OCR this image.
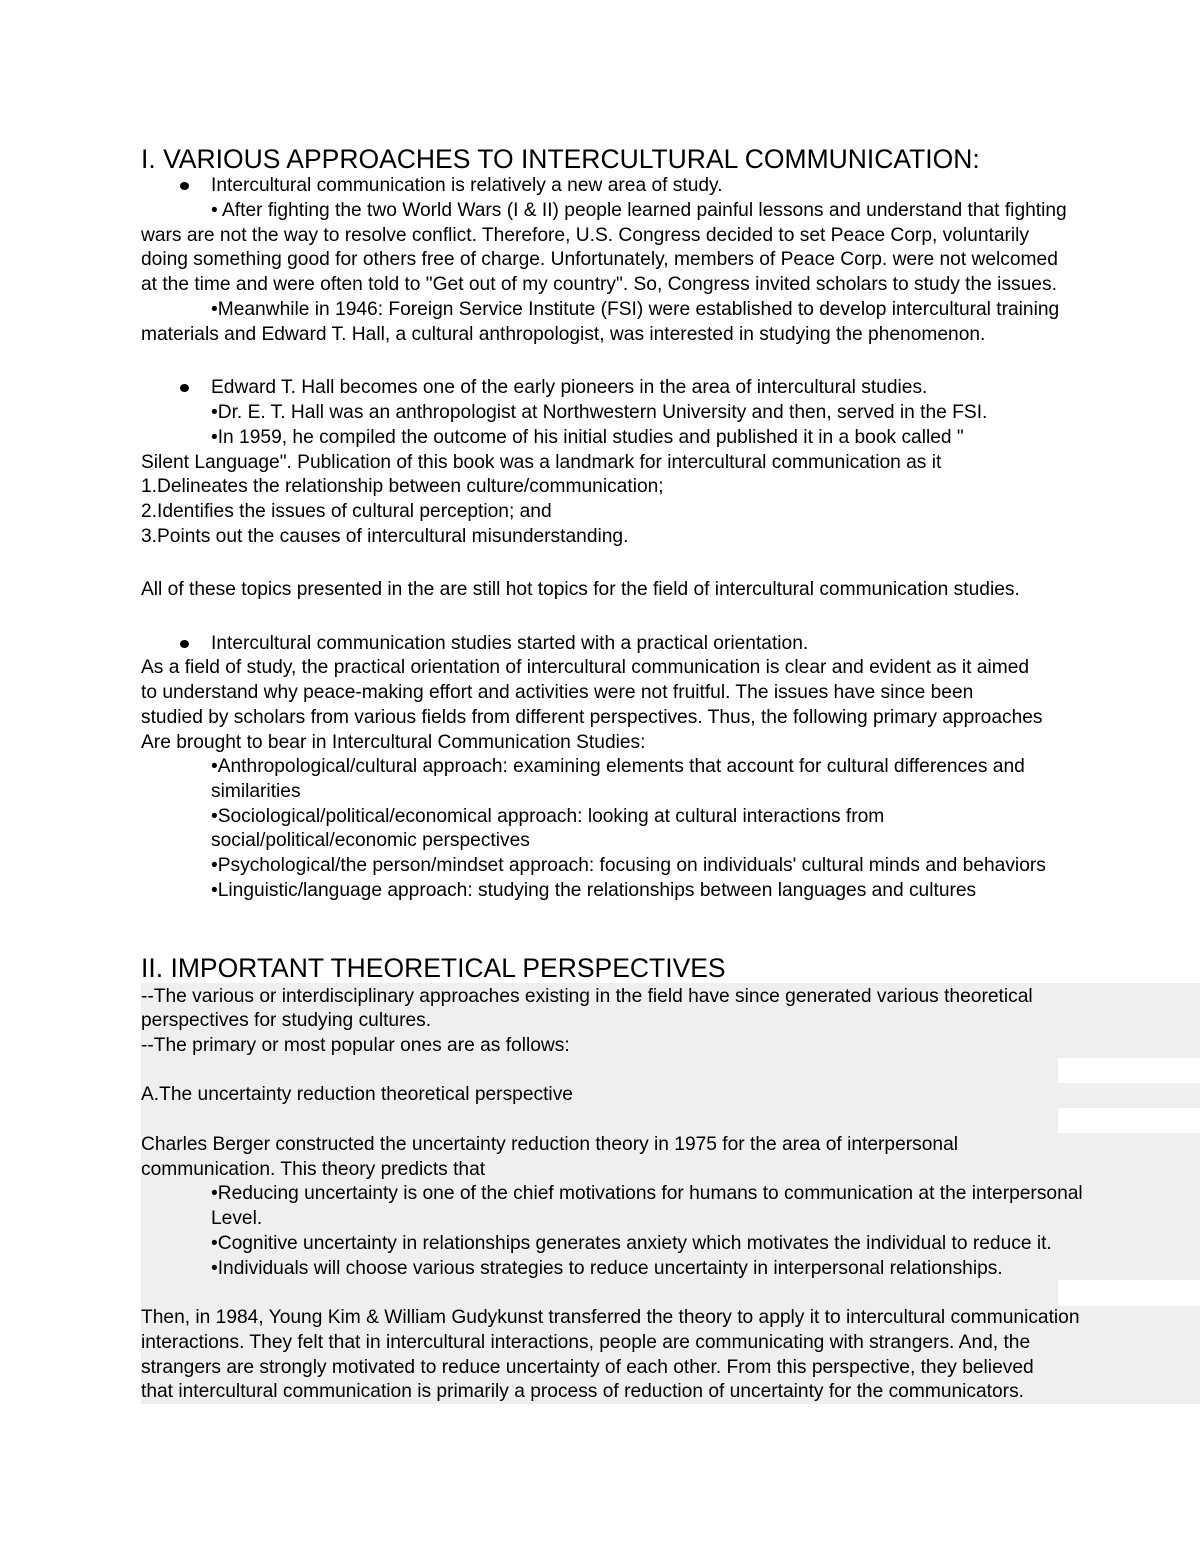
I. VARIOUS APPROACHES TO INTERCULTURAL COMMUNICATION:

Intercultural communication is relatively a new area of study.

• After fighting the two World Wars (I & II) people learned painful lessons and understand that fighting

wars are not the way to resolve conflict. Therefore, U.S. Congress decided to set Peace Corp, voluntarily

doing something good for others free of charge. Unfortunately, members of Peace Corp. were not welcomed

at the time and were often told to "Get out of my country". So, Congress invited scholars to study the issues.

•Meanwhile in 1946: Foreign Service Institute (FSI) were established to develop intercultural training

materials and Edward T. Hall, a cultural anthropologist, was interested in studying the phenomenon.

Edward T. Hall becomes one of the early pioneers in the area of intercultural studies.

•Dr. E. T. Hall was an anthropologist at Northwestern University and then, served in the FSI.

•In 1959, he compiled the outcome of his initial studies and published it in a book called "

Silent Language". Publication of this book was a landmark for intercultural communication as it

1.Delineates the relationship between culture/communication;

2.Identifies the issues of cultural perception; and

3.Points out the causes of intercultural misunderstanding.

All of these topics presented in the are still hot topics for the field of intercultural communication studies.

Intercultural communication studies started with a practical orientation.

As a field of study, the practical orientation of intercultural communication is clear and evident as it aimed

to understand why peace-making effort and activities were not fruitful. The issues have since been

studied by scholars from various fields from different perspectives. Thus, the following primary approaches

Are brought to bear in Intercultural Communication Studies:

•Anthropological/cultural approach: examining elements that account for cultural differences and

similarities

•Sociological/political/economical approach: looking at cultural interactions from

social/political/economic perspectives

•Psychological/the person/mindset approach: focusing on individuals' cultural minds and behaviors

•Linguistic/language approach: studying the relationships between languages and cultures

II. IMPORTANT THEORETICAL PERSPECTIVES

--The various or interdisciplinary approaches existing in the field have since generated various theoretical

perspectives for studying cultures.

--The primary or most popular ones are as follows:

A.The uncertainty reduction theoretical perspective

Charles Berger constructed the uncertainty reduction theory in 1975 for the area of interpersonal

communication. This theory predicts that

•Reducing uncertainty is one of the chief motivations for humans to communication at the interpersonal

Level.

•Cognitive uncertainty in relationships generates anxiety which motivates the individual to reduce it.

•Individuals will choose various strategies to reduce uncertainty in interpersonal relationships.

Then, in 1984, Young Kim & William Gudykunst transferred the theory to apply it to intercultural communication

interactions. They felt that in intercultural interactions, people are communicating with strangers. And, the

strangers are strongly motivated to reduce uncertainty of each other. From this perspective, they believed

that intercultural communication is primarily a process of reduction of uncertainty for the communicators.
